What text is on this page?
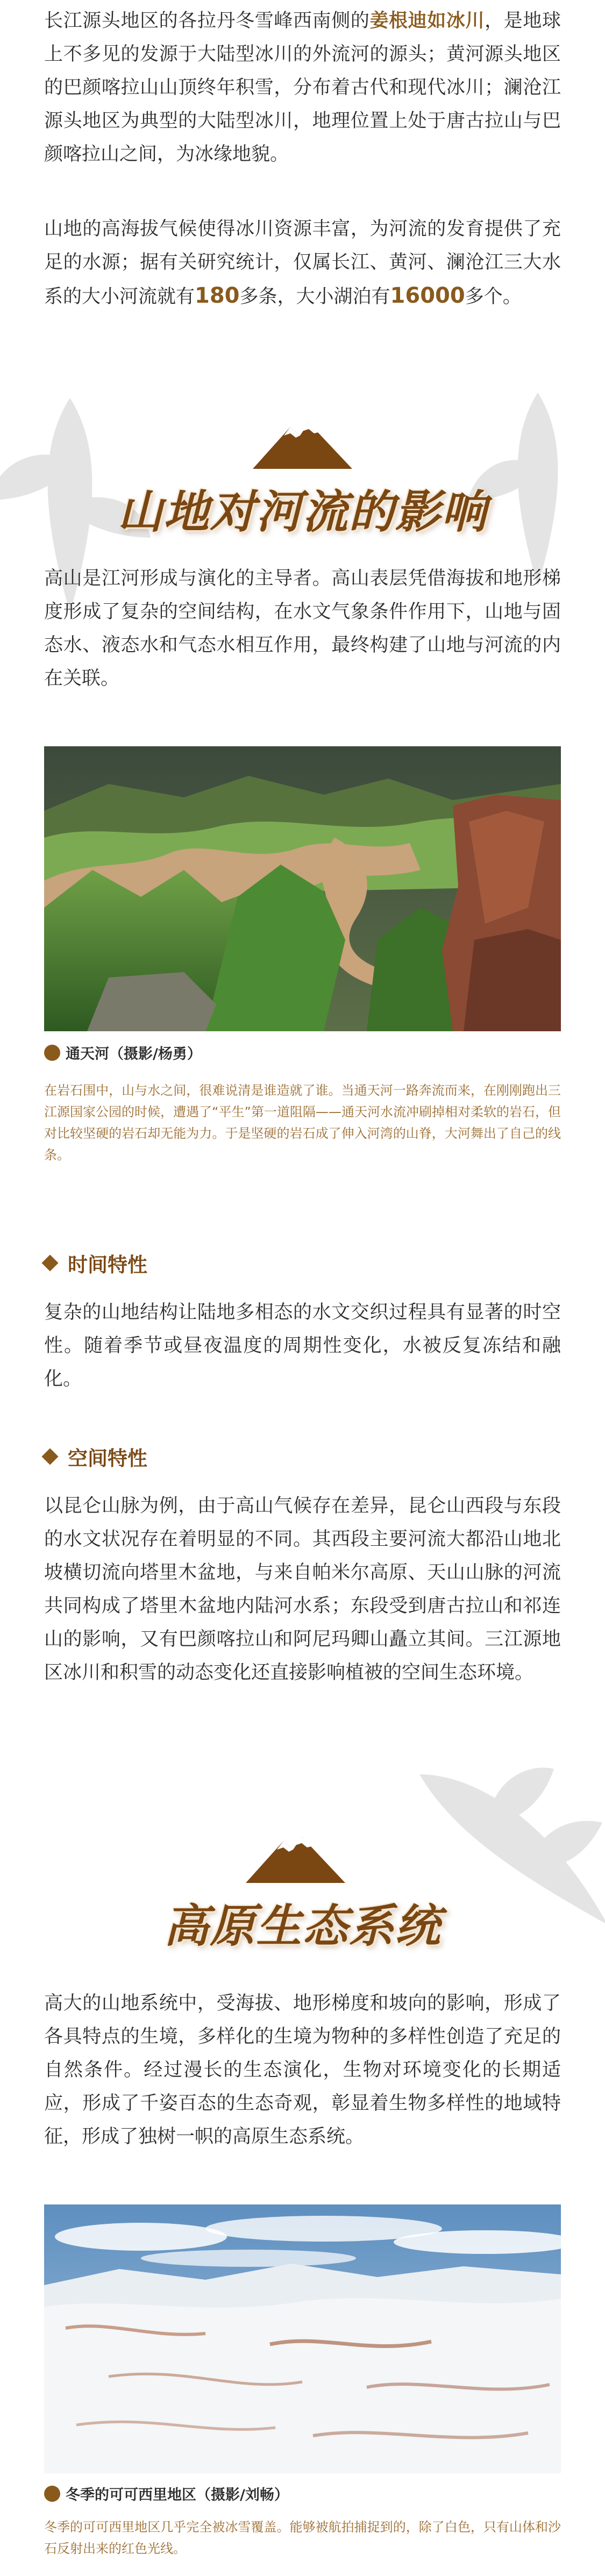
长江源头地区的各拉丹冬雪峰西南侧的姜根迪如冰川，是地球上不多见的发源于大陆型冰川的外流河的源头；黄河源头地区的巴颜喀拉山山顶终年积雪，分布着古代和现代冰川；澜沧江源头地区为典型的大陆型冰川，地理位置上处于唐古拉山与巴颜喀拉山之间，为冰缘地貌。

山地的高海拔气候使得冰川资源丰富，为河流的发育提供了充足的水源；据有关研究统计，仅属长江、黄河、澜沧江三大水系的大小河流就有180多条，大小湖泊有16000多个。

山地对河流的影响

高山是江河形成与演化的主导者。高山表层凭借海拔和地形梯度形成了复杂的空间结构，在水文气象条件作用下，山地与固态水、液态水和气态水相互作用，最终构建了山地与河流的内在关联。

通天河（摄影/杨勇）

在岩石围中，山与水之间，很难说清是谁造就了谁。当通天河一路奔流而来，在刚刚跑出三江源国家公园的时候，遭遇了“平生”第一道阻隔——通天河水流冲刷掉相对柔软的岩石，但对比较坚硬的岩石却无能为力。于是坚硬的岩石成了伸入河湾的山脊，大河舞出了自己的线条。

时间特性

复杂的山地结构让陆地多相态的水文交织过程具有显著的时空性。随着季节或昼夜温度的周期性变化，水被反复冻结和融化。

空间特性

以昆仑山脉为例，由于高山气候存在差异，昆仑山西段与东段的水文状况存在着明显的不同。其西段主要河流大都沿山地北坡横切流向塔里木盆地，与来自帕米尔高原、天山山脉的河流共同构成了塔里木盆地内陆河水系；东段受到唐古拉山和祁连山的影响，又有巴颜喀拉山和阿尼玛卿山矗立其间。三江源地区冰川和积雪的动态变化还直接影响植被的空间生态环境。

高原生态系统

高大的山地系统中，受海拔、地形梯度和坡向的影响，形成了各具特点的生境，多样化的生境为物种的多样性创造了充足的自然条件。经过漫长的生态演化，生物对环境变化的长期适应，形成了千姿百态的生态奇观，彰显着生物多样性的地域特征，形成了独树一帜的高原生态系统。

冬季的可可西里地区（摄影/刘畅）

冬季的可可西里地区几乎完全被冰雪覆盖。能够被航拍捕捉到的，除了白色，只有山体和沙石反射出来的红色光线。
